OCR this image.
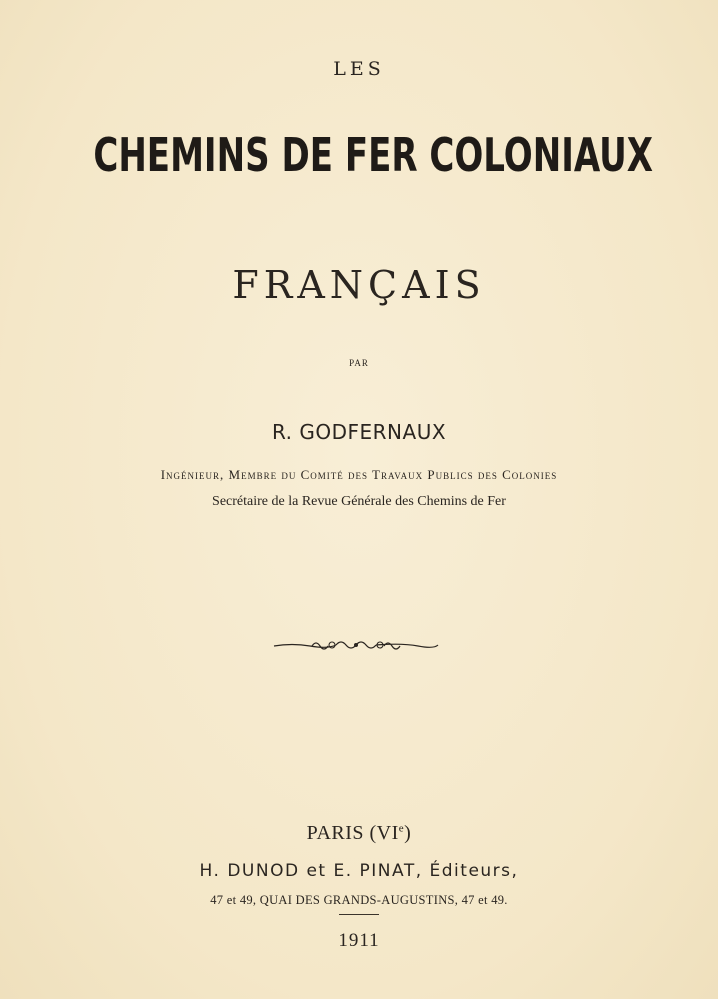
LES
CHEMINS DE FER COLONIAUX
FRANÇAIS
PAR
R. GODFERNAUX
Ingénieur, Membre du Comité des Travaux Publics des Colonies
Secrétaire de la Revue Générale des Chemins de Fer
PARIS (VIe)
H. DUNOD et E. PINAT, Éditeurs,
47 et 49, QUAI DES GRANDS-AUGUSTINS, 47 et 49.
1911
